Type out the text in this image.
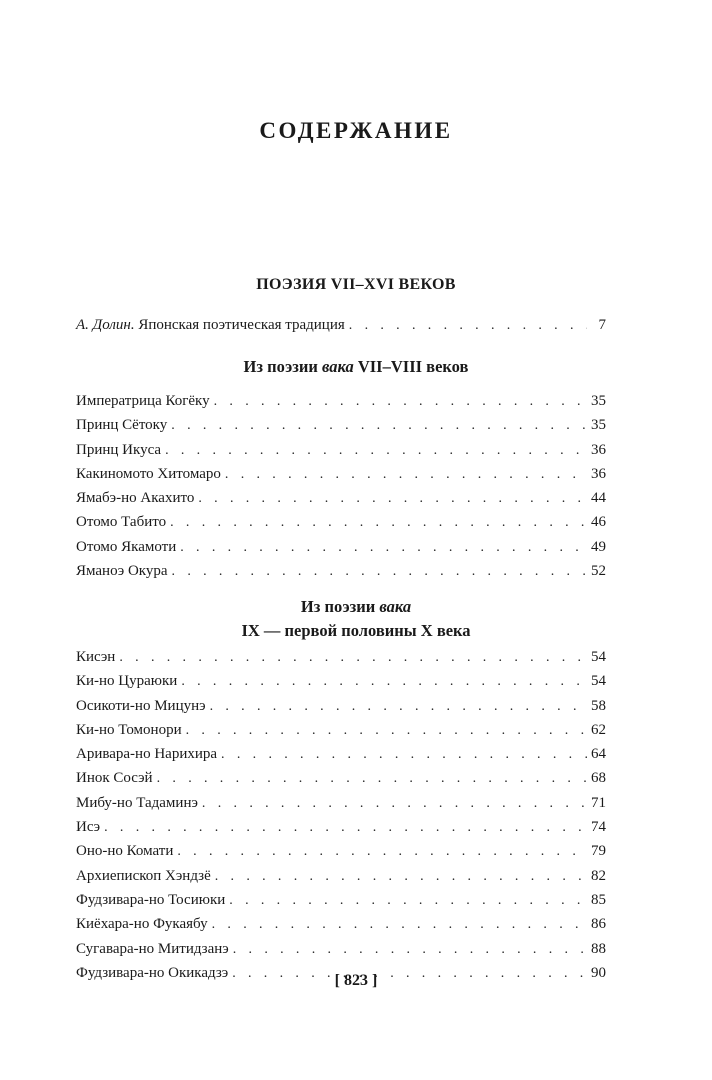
СОДЕРЖАНИЕ
ПОЭЗИЯ VII–XVI ВЕКОВ
А. Долин. Японская поэтическая традиция . . .	7
Из поэзии вака VII–VIII веков
Императрица Когёку . . .	35
Принц Сётоку . . .	35
Принц Икуса . . .	36
Какиномото Хитомаро . . .	36
Ямабэ-но Акахито . . .	44
Отомо Табито . . .	46
Отомо Якамоти . . .	49
Яманоэ Окура . . .	52
Из поэзии вака
IX — первой половины X века
Кисэн . . .	54
Ки-но Цураюки . . .	54
Осикоти-но Мицунэ . . .	58
Ки-но Томонори . . .	62
Аривара-но Нарихира . . .	64
Инок Сосэй . . .	68
Мибу-но Тадаминэ . . .	71
Исэ . . .	74
Оно-но Комати . . .	79
Архиепископ Хэндзё . . .	82
Фудзивара-но Тосиюки . . .	85
Киёхара-но Фукаябу . . .	86
Сугавара-но Митидзанэ . . .	88
Фудзивара-но Окикадзэ . . .	90
[ 823 ]
